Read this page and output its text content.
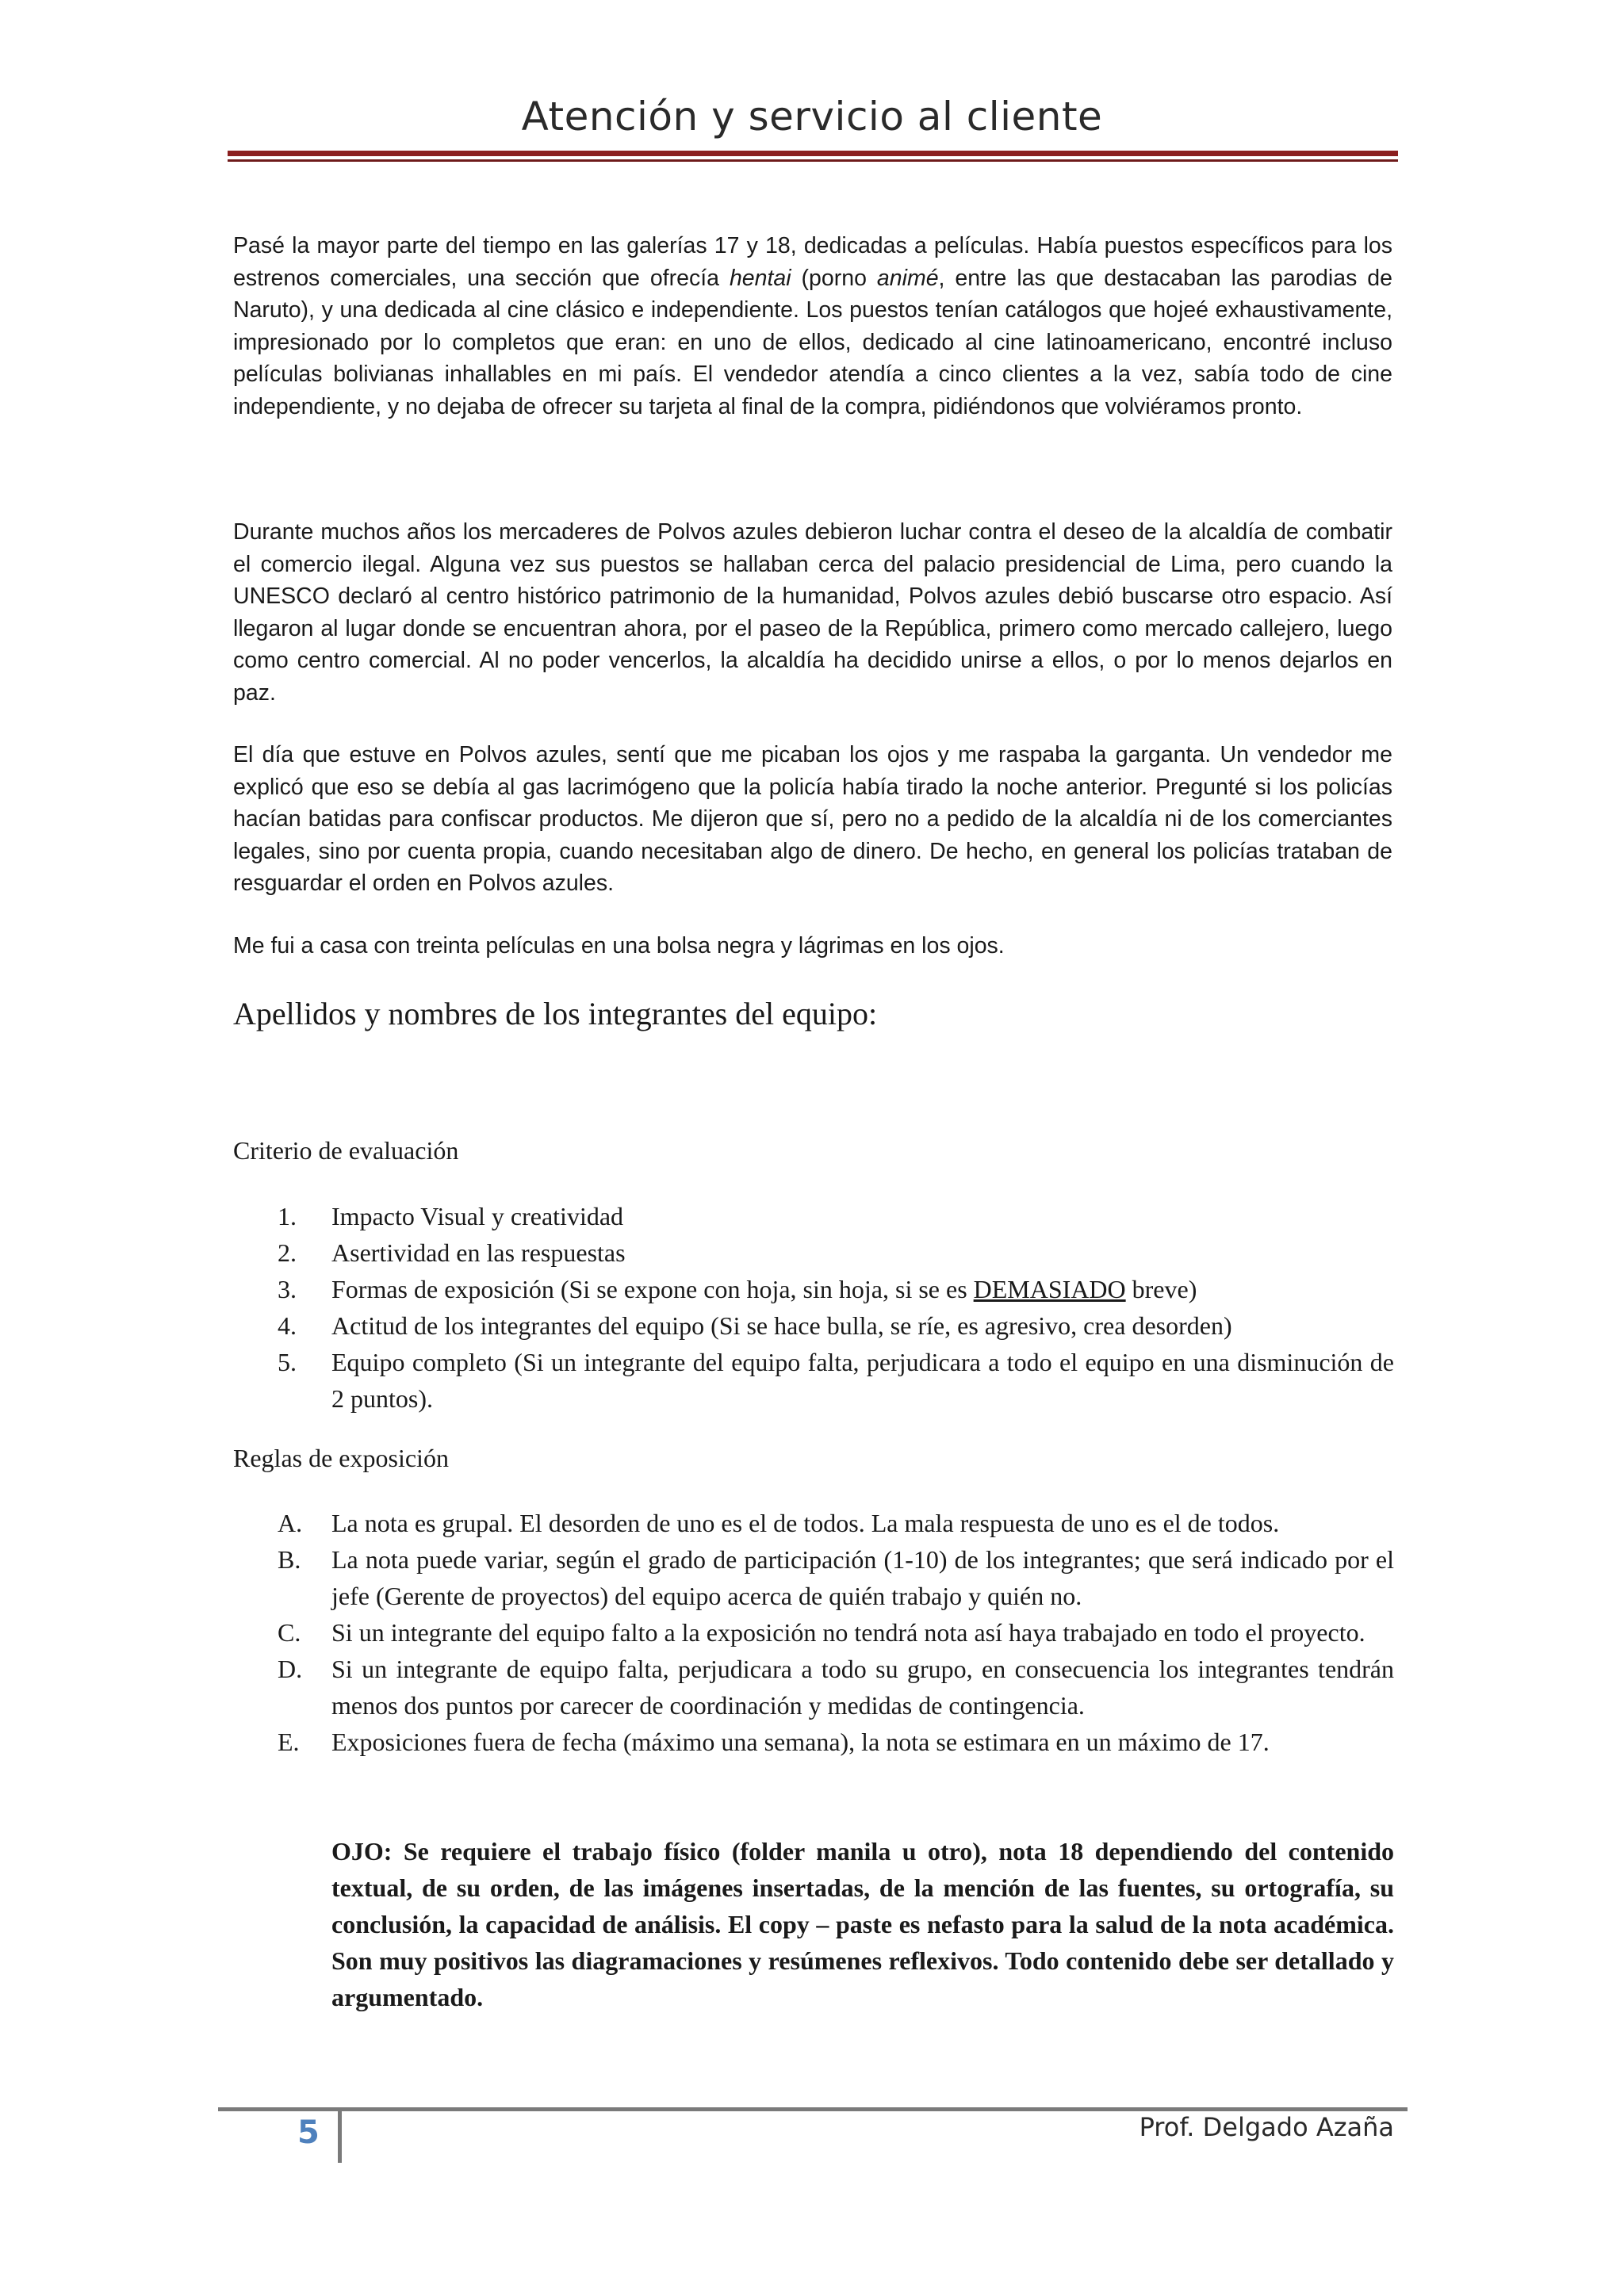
Atención y servicio al cliente

Pasé la mayor parte del tiempo en las galerías 17 y 18, dedicadas a películas. Había puestos específicos para los estrenos comerciales, una sección que ofrecía hentai (porno animé, entre las que destacaban las parodias de Naruto), y una dedicada al cine clásico e independiente. Los puestos tenían catálogos que hojeé exhaustivamente, impresionado por lo completos que eran: en uno de ellos, dedicado al cine latinoamericano, encontré incluso películas bolivianas inhallables en mi país. El vendedor atendía a cinco clientes a la vez, sabía todo de cine independiente, y no dejaba de ofrecer su tarjeta al final de la compra, pidiéndonos que volviéramos pronto.

Durante muchos años los mercaderes de Polvos azules debieron luchar contra el deseo de la alcaldía de combatir el comercio ilegal. Alguna vez sus puestos se hallaban cerca del palacio presidencial de Lima, pero cuando la UNESCO declaró al centro histórico patrimonio de la humanidad, Polvos azules debió buscarse otro espacio. Así llegaron al lugar donde se encuentran ahora, por el paseo de la República, primero como mercado callejero, luego como centro comercial. Al no poder vencerlos, la alcaldía ha decidido unirse a ellos, o por lo menos dejarlos en paz.

El día que estuve en Polvos azules, sentí que me picaban los ojos y me raspaba la garganta. Un vendedor me explicó que eso se debía al gas lacrimógeno que la policía había tirado la noche anterior. Pregunté si los policías hacían batidas para confiscar productos. Me dijeron que sí, pero no a pedido de la alcaldía ni de los comerciantes legales, sino por cuenta propia, cuando necesitaban algo de dinero. De hecho, en general los policías trataban de resguardar el orden en Polvos azules.

Me fui a casa con treinta películas en una bolsa negra y lágrimas en los ojos.

Apellidos y nombres de los integrantes del equipo:
Criterio de evaluación
1.	Impacto Visual y creatividad
2.	Asertividad en las respuestas
3.	Formas de exposición (Si se expone con hoja, sin hoja, si se es DEMASIADO breve)
4.	Actitud de los integrantes del equipo (Si se hace bulla, se ríe, es agresivo, crea desorden)
5.	Equipo completo (Si un integrante del equipo falta, perjudicara a todo el equipo en una disminución de 2 puntos).
Reglas de exposición
A.	La nota es grupal. El desorden de uno es el de todos. La mala respuesta de uno es el de todos.
B.	La nota puede variar, según el grado de participación (1-10) de los integrantes; que será indicado por el jefe (Gerente de proyectos) del equipo acerca de quién trabajo y quién no.
C.	Si un integrante del equipo falto a la exposición no tendrá nota así haya trabajado en todo el proyecto.
D.	Si un integrante de equipo falta, perjudicara a todo su grupo, en consecuencia los integrantes tendrán menos dos puntos por carecer de coordinación y medidas de contingencia.
E.	Exposiciones fuera de fecha (máximo una semana), la nota se estimara en un máximo de 17.

OJO: Se requiere el trabajo físico (folder manila u otro), nota 18 dependiendo del contenido textual, de su orden, de las imágenes insertadas, de la mención de las fuentes, su ortografía, su conclusión, la capacidad de análisis. El copy – paste es nefasto para la salud de la nota académica. Son muy positivos las diagramaciones y resúmenes reflexivos. Todo contenido debe ser detallado y argumentado.

5	Prof. Delgado Azaña
